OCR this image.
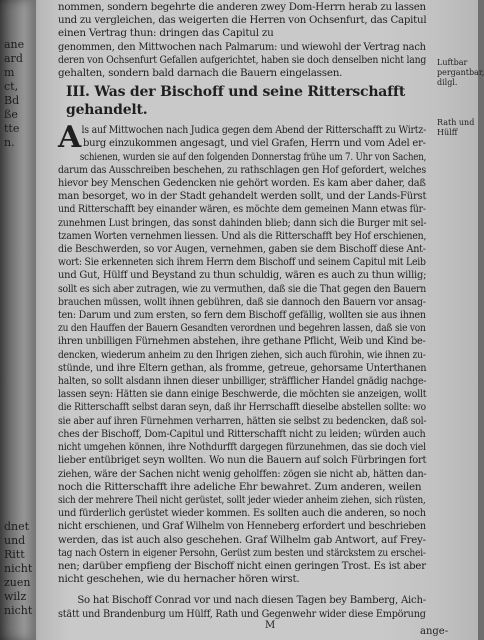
ane
ard
m
ct,
Bd
ße
tte
n.
dnet
und
Ritt
nicht
zuen
wilz
nicht
Luftbar pergantbar, dilgl.
Rath und Hülff
nommen, sondern begehrte die anderen zwey Dom-Herrn herab zu lassen
und zu vergleichen, das weigerten die Herren von Ochsenfurt, das Capitul
einen Vertrag thun: dringen das Capitul zu
genommen, den Mittwochen nach Palmarum: und wiewohl der Vertrag nach
deren von Ochsenfurt Gefallen aufgerichtet, haben sie doch denselben nicht lang
gehalten, sondern bald darnach die Bauern eingelassen.
III. Was der Bischoff und seine Ritterschafft gehandelt.
A ls auf Mittwochen nach Judica gegen dem Abend der Ritterschafft zu Wirtz-
burg einzukommen angesagt, und viel Grafen, Herrn und vom Adel er-
schienen, wurden sie auf den folgenden Donnerstag frühe um 7. Uhr von Sachen,
darum das Ausschreiben beschehen, zu rathschlagen gen Hof gefordert, welches
hievor bey Menschen Gedencken nie gehört worden. Es kam aber daher, daß
man besorget, wo in der Stadt gehandelt werden sollt, und der Lands-Fürst
und Ritterschafft bey einander wären, es möchte dem gemeinen Mann etwas für-
zunehmen Lust bringen, das sonst dahinden blieb; dann sich die Burger mit sel-
tzamen Worten vernehmen liessen. Und als die Ritterschafft bey Hof erschienen,
die Beschwerden, so vor Augen, vernehmen, gaben sie dem Bischoff diese Ant-
wort: Sie erkenneten sich ihrem Herrn dem Bischoff und seinem Capitul mit Leib
und Gut, Hülff und Beystand zu thun schuldig, wären es auch zu thun willig;
sollt es sich aber zutragen, wie zu vermuthen, daß sie die That gegen den Bauern
brauchen müssen, wollt ihnen gebühren, daß sie dannoch den Bauern vor ansag-
ten: Darum und zum ersten, so fern dem Bischoff gefällig, wollten sie aus ihnen
zu den Hauffen der Bauern Gesandten verordnen und begehren lassen, daß sie von
ihren unbilligen Fürnehmen abstehen, ihre gethane Pflicht, Weib und Kind be-
dencken, wiederum anheim zu den Ihrigen ziehen, sich auch fürohin, wie ihnen zu-
stünde, und ihre Eltern gethan, als fromme, getreue, gehorsame Unterthanen
halten, so sollt alsdann ihnen dieser unbilliger, sträfflicher Handel gnädig nachge-
lassen seyn: Hätten sie dann einige Beschwerde, die möchten sie anzeigen, wollt
die Ritterschafft selbst daran seyn, daß ihr Herrschafft dieselbe abstellen sollte: wo
sie aber auf ihren Fürnehmen verharren, hätten sie selbst zu bedencken, daß sol-
ches der Bischoff, Dom-Capitul und Ritterschafft nicht zu leiden; würden auch
nicht umgehen können, ihre Nothdurfft dargegen fürzunehmen, das sie doch viel
lieber entübriget seyn wollten. Wo nun die Bauern auf solch Fürbringen fort
ziehen, wäre der Sachen nicht wenig geholffen: zögen sie nicht ab, hätten dan-
noch die Ritterschafft ihre adeliche Ehr bewahret. Zum anderen, weilen
sich der mehrere Theil nicht gerüstet, sollt jeder wieder anheim ziehen, sich rüsten,
und fürderlich gerüstet wieder kommen. Es sollten auch die anderen, so noch
nicht erschienen, und Graf Wilhelm von Henneberg erfordert und beschrieben
werden, das ist auch also geschehen. Graf Wilhelm gab Antwort, auf Frey-
tag nach Ostern in eigener Persohn, Gerüst zum besten und stärckstem zu erschei-
nen; darüber empfieng der Bischoff nicht einen geringen Trost. Es ist aber
nicht geschehen, wie du hernacher hören wirst.
So hat Bischoff Conrad vor und nach diesen Tagen bey Bamberg, Aich-
stätt und Brandenburg um Hülff, Rath und Gegenwehr wider diese Empörung
M
ange-
